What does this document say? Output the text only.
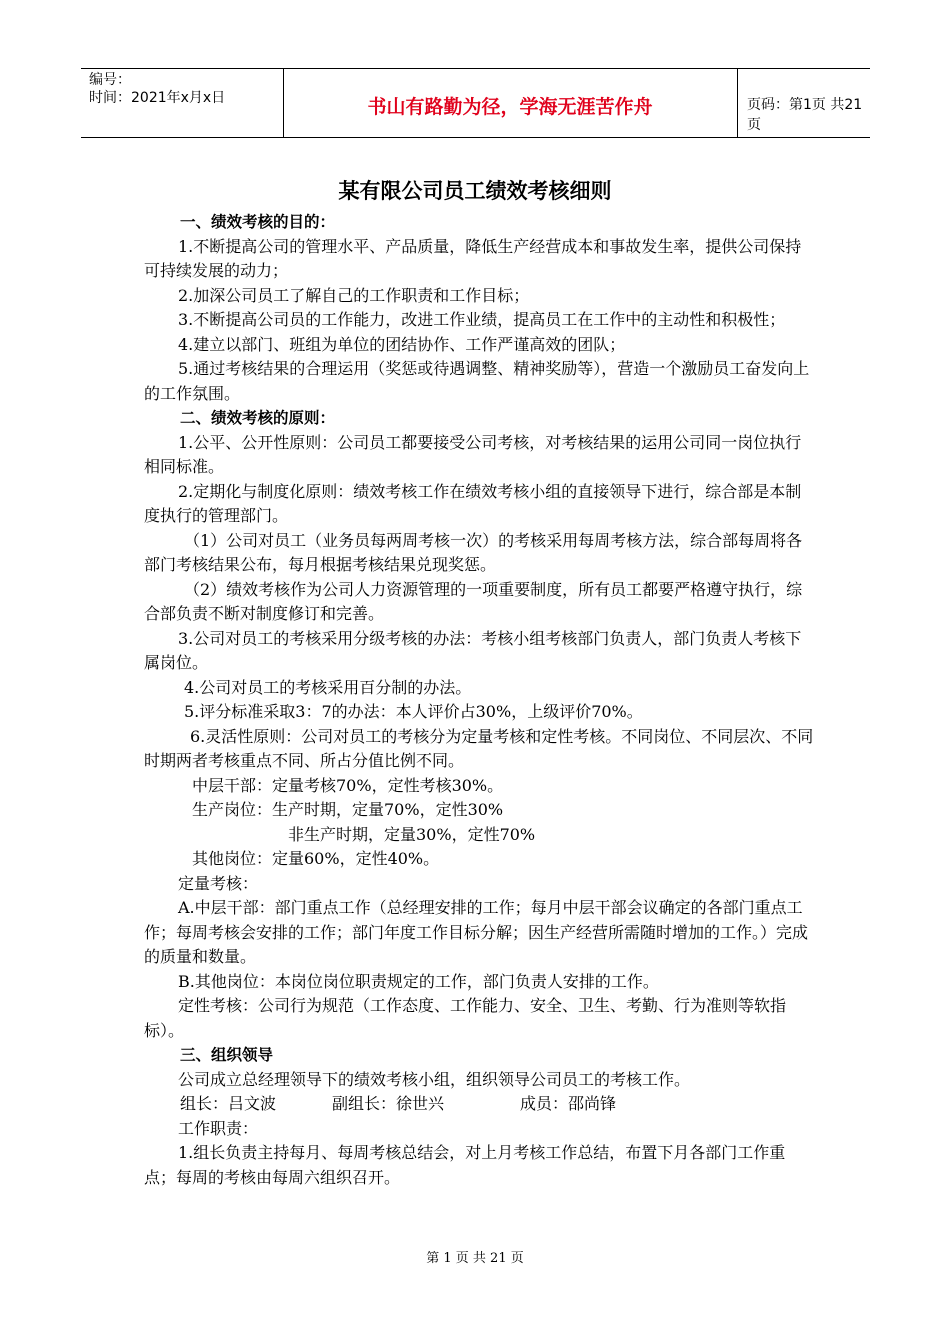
编号：
时间：2021年x月x日	书山有路勤为径，学海无涯苦作舟	页码：第1页 共21页
某有限公司员工绩效考核细则
一、绩效考核的目的：
1.不断提高公司的管理水平、产品质量，降低生产经营成本和事故发生率，提供公司保持可持续发展的动力；
2.加深公司员工了解自己的工作职责和工作目标；
3.不断提高公司员的工作能力，改进工作业绩，提高员工在工作中的主动性和积极性；
4.建立以部门、班组为单位的团结协作、工作严谨高效的团队；
5.通过考核结果的合理运用（奖惩或待遇调整、精神奖励等），营造一个激励员工奋发向上的工作氛围。
二、绩效考核的原则：
1.公平、公开性原则：公司员工都要接受公司考核，对考核结果的运用公司同一岗位执行相同标准。
2.定期化与制度化原则：绩效考核工作在绩效考核小组的直接领导下进行，综合部是本制度执行的管理部门。
（1）公司对员工（业务员每两周考核一次）的考核采用每周考核方法，综合部每周将各部门考核结果公布，每月根据考核结果兑现奖惩。
（2）绩效考核作为公司人力资源管理的一项重要制度，所有员工都要严格遵守执行，综合部负责不断对制度修订和完善。
3.公司对员工的考核采用分级考核的办法：考核小组考核部门负责人，部门负责人考核下属岗位。
4.公司对员工的考核采用百分制的办法。
5.评分标准采取3：7的办法：本人评价占30%，上级评价70%。
6.灵活性原则：公司对员工的考核分为定量考核和定性考核。不同岗位、不同层次、不同时期两者考核重点不同、所占分值比例不同。
中层干部：定量考核70%，定性考核30%。
生产岗位：生产时期，定量70%，定性30%
非生产时期，定量30%，定性70%
其他岗位：定量60%，定性40%。
定量考核：
A.中层干部：部门重点工作（总经理安排的工作；每月中层干部会议确定的各部门重点工作；每周考核会安排的工作；部门年度工作目标分解；因生产经营所需随时增加的工作。）完成的质量和数量。
B.其他岗位：本岗位岗位职责规定的工作，部门负责人安排的工作。
定性考核：公司行为规范（工作态度、工作能力、安全、卫生、考勤、行为准则等软指标）。
三、组织领导
公司成立总经理领导下的绩效考核小组，组织领导公司员工的考核工作。
组长：吕文波	副组长：徐世兴	成员：邵尚锋
工作职责：
1.组长负责主持每月、每周考核总结会，对上月考核工作总结，布置下月各部门工作重点；每周的考核由每周六组织召开。
第 1 页 共 21 页
